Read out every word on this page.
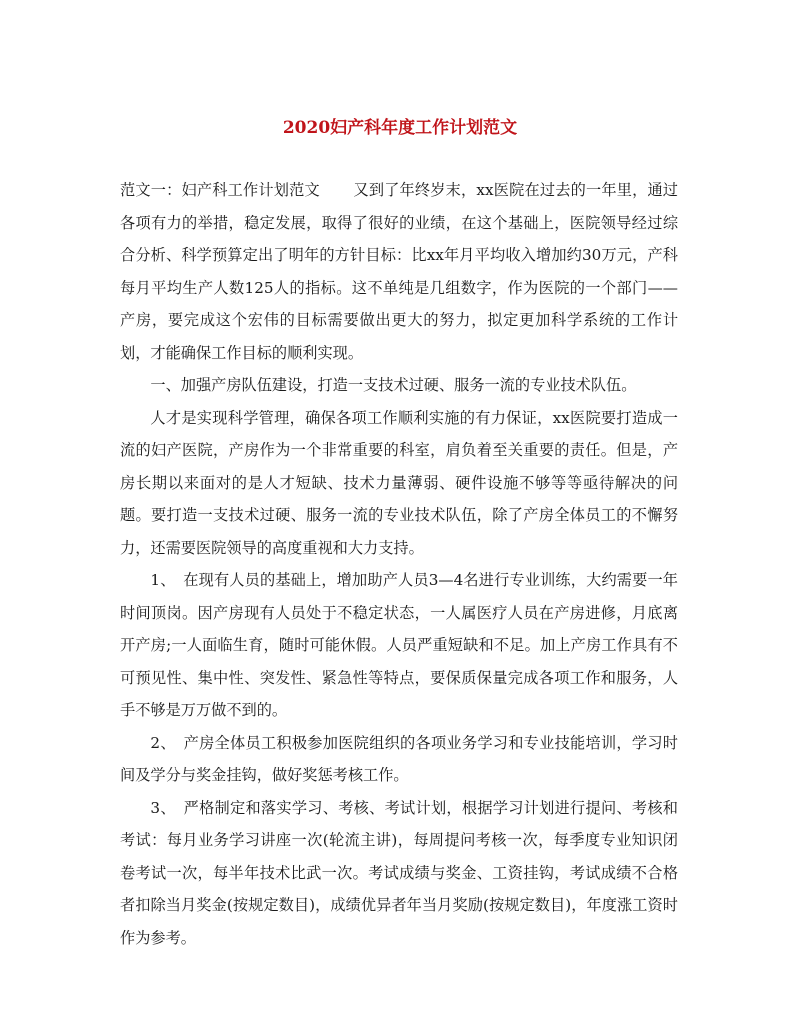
2020妇产科年度工作计划范文

范文一：妇产科工作计划范文 又到了年终岁末，xx医院在过去的一年里，通过各项有力的举措，稳定发展，取得了很好的业绩，在这个基础上，医院领导经过综合分析、科学预算定出了明年的方针目标：比xx年月平均收入增加约30万元，产科每月平均生产人数125人的指标。这不单纯是几组数字，作为医院的一个部门——产房，要完成这个宏伟的目标需要做出更大的努力，拟定更加科学系统的工作计划，才能确保工作目标的顺利实现。

一、加强产房队伍建设，打造一支技术过硬、服务一流的专业技术队伍。

人才是实现科学管理，确保各项工作顺利实施的有力保证，xx医院要打造成一流的妇产医院，产房作为一个非常重要的科室，肩负着至关重要的责任。但是，产房长期以来面对的是人才短缺、技术力量薄弱、硬件设施不够等等亟待解决的问题。要打造一支技术过硬、服务一流的专业技术队伍，除了产房全体员工的不懈努力，还需要医院领导的高度重视和大力支持。

1、　在现有人员的基础上，增加助产人员3—4名进行专业训练，大约需要一年时间顶岗。因产房现有人员处于不稳定状态，一人属医疗人员在产房进修，月底离开产房;一人面临生育，随时可能休假。人员严重短缺和不足。加上产房工作具有不可预见性、集中性、突发性、紧急性等特点，要保质保量完成各项工作和服务，人手不够是万万做不到的。

2、　产房全体员工积极参加医院组织的各项业务学习和专业技能培训，学习时间及学分与奖金挂钩，做好奖惩考核工作。

3、　严格制定和落实学习、考核、考试计划，根据学习计划进行提问、考核和考试：每月业务学习讲座一次(轮流主讲)，每周提问考核一次，每季度专业知识闭卷考试一次，每半年技术比武一次。考试成绩与奖金、工资挂钩，考试成绩不合格者扣除当月奖金(按规定数目)，成绩优异者年当月奖励(按规定数目)，年度涨工资时作为参考。
